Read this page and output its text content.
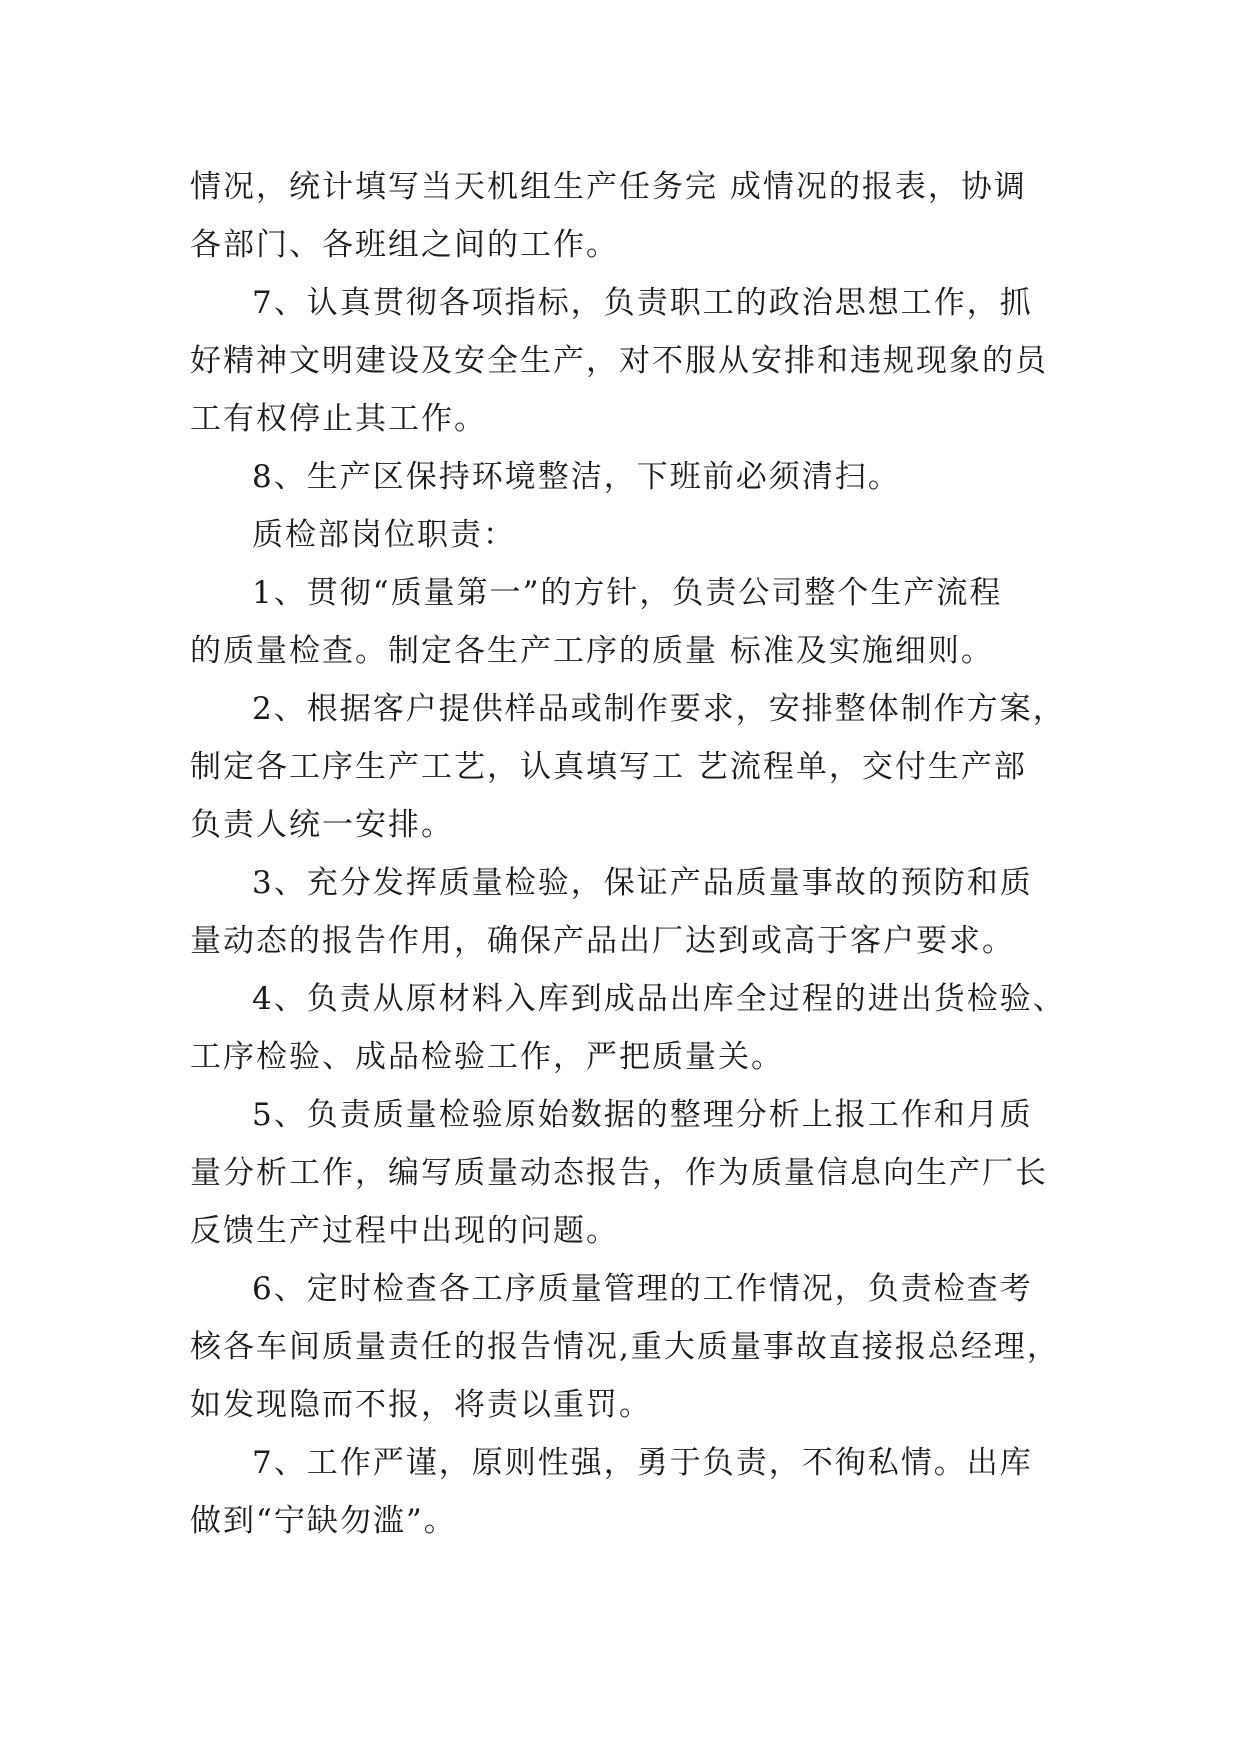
情况，统计填写当天机组生产任务完 成情况的报表，协调
各部门、各班组之间的工作。
7、认真贯彻各项指标，负责职工的政治思想工作，抓
好精神文明建设及安全生产，对不服从安排和违规现象的员
工有权停止其工作。
8、生产区保持环境整洁，下班前必须清扫。
质检部岗位职责：
1、贯彻“质量第一”的方针，负责公司整个生产流程
的质量检查。制定各生产工序的质量 标准及实施细则。
2、根据客户提供样品或制作要求，安排整体制作方案，
制定各工序生产工艺，认真填写工 艺流程单，交付生产部
负责人统一安排。
3、充分发挥质量检验，保证产品质量事故的预防和质
量动态的报告作用，确保产品出厂达到或高于客户要求。
4、负责从原材料入库到成品出库全过程的进出货检验、
工序检验、成品检验工作，严把质量关。
5、负责质量检验原始数据的整理分析上报工作和月质
量分析工作，编写质量动态报告，作为质量信息向生产厂长
反馈生产过程中出现的问题。
6、定时检查各工序质量管理的工作情况，负责检查考
核各车间质量责任的报告情况,重大质量事故直接报总经理，
如发现隐而不报，将责以重罚。
7、工作严谨，原则性强，勇于负责，不徇私情。出库
做到“宁缺勿滥”。
